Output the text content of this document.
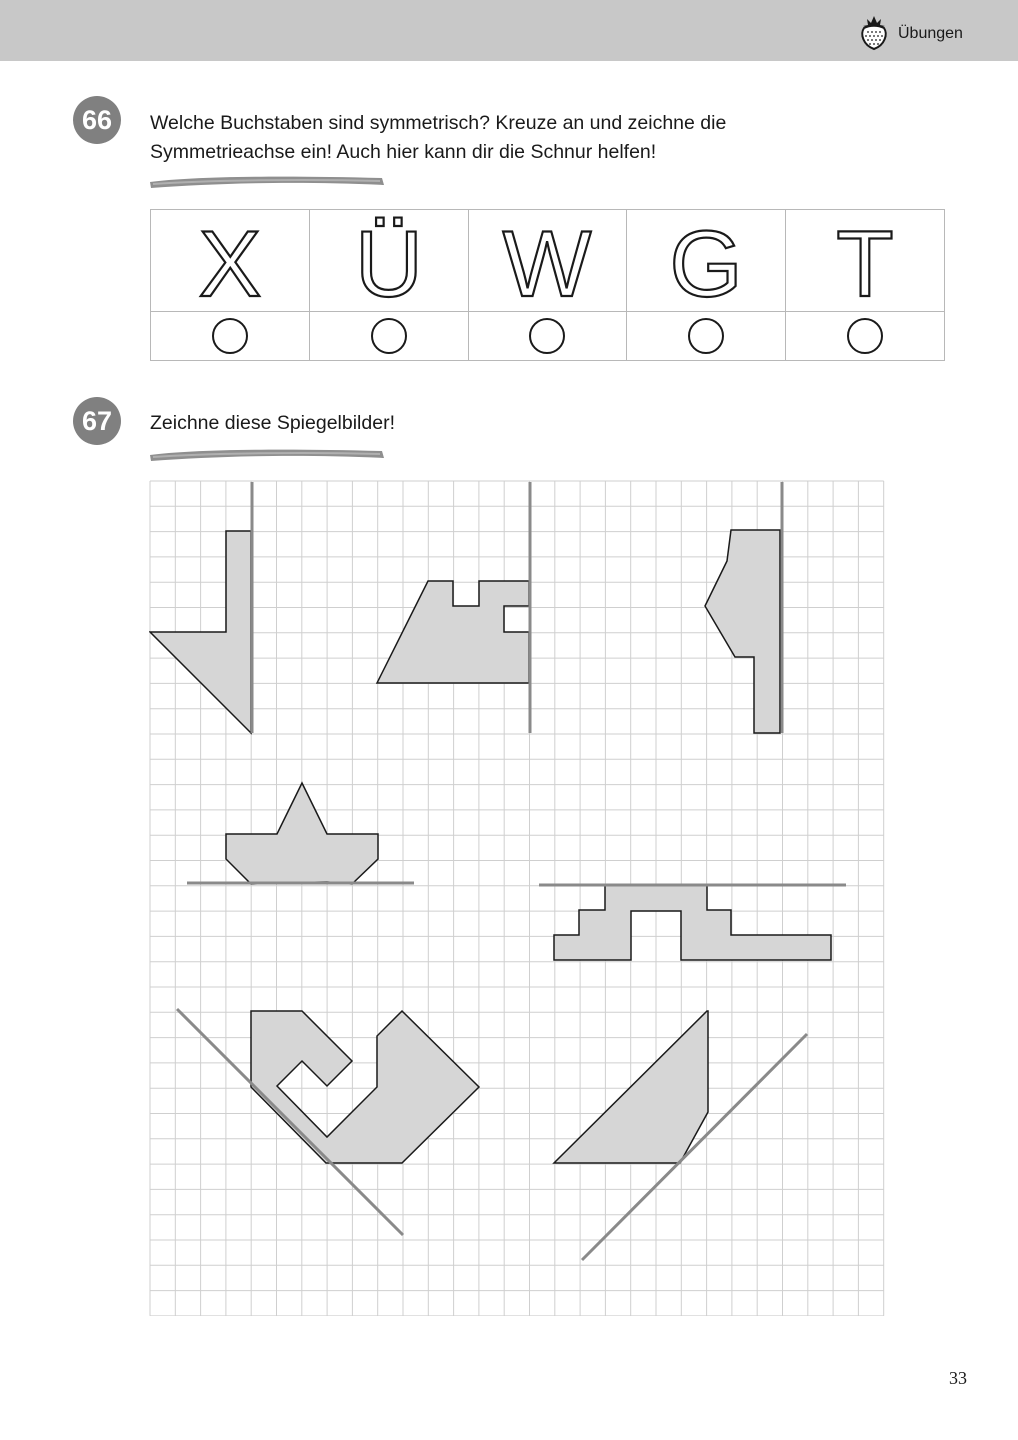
Übungen
66	Welche Buchstaben sind symmetrisch? Kreuze an und zeichne die
Symmetrieachse ein! Auch hier kann dir die Schnur helfen!
X	Ü	W	G	T

67	Zeichne diese Spiegelbilder!
33
